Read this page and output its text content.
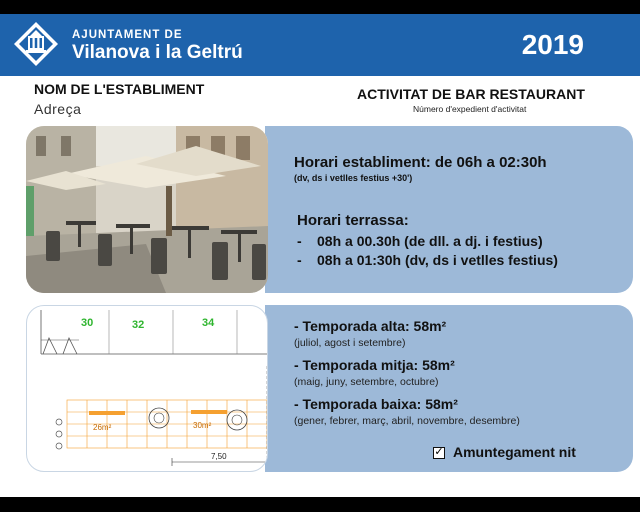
AJUNTAMENT DE
Vilanova i la Geltrú	2019
NOM DE L'ESTABLIMENT
Adreça
ACTIVITAT DE BAR RESTAURANT
Número d'expedient d'activitat
Horari establiment: de 06h a 02:30h
(dv, ds i vetlles festius +30')
Horari terrassa:
- 08h a 00.30h (de dll. a dj. i festius)
- 08h a 01:30h (dv, ds i vetlles festius)
30	32	34
26m²	30m²
7,50
- Temporada alta: 58m²
(juliol, agost i setembre)
- Temporada mitja: 58m²
(maig, juny, setembre, octubre)
- Temporada baixa: 58m²
(gener, febrer, març, abril, novembre, desembre)
✓ Amuntegament nit
